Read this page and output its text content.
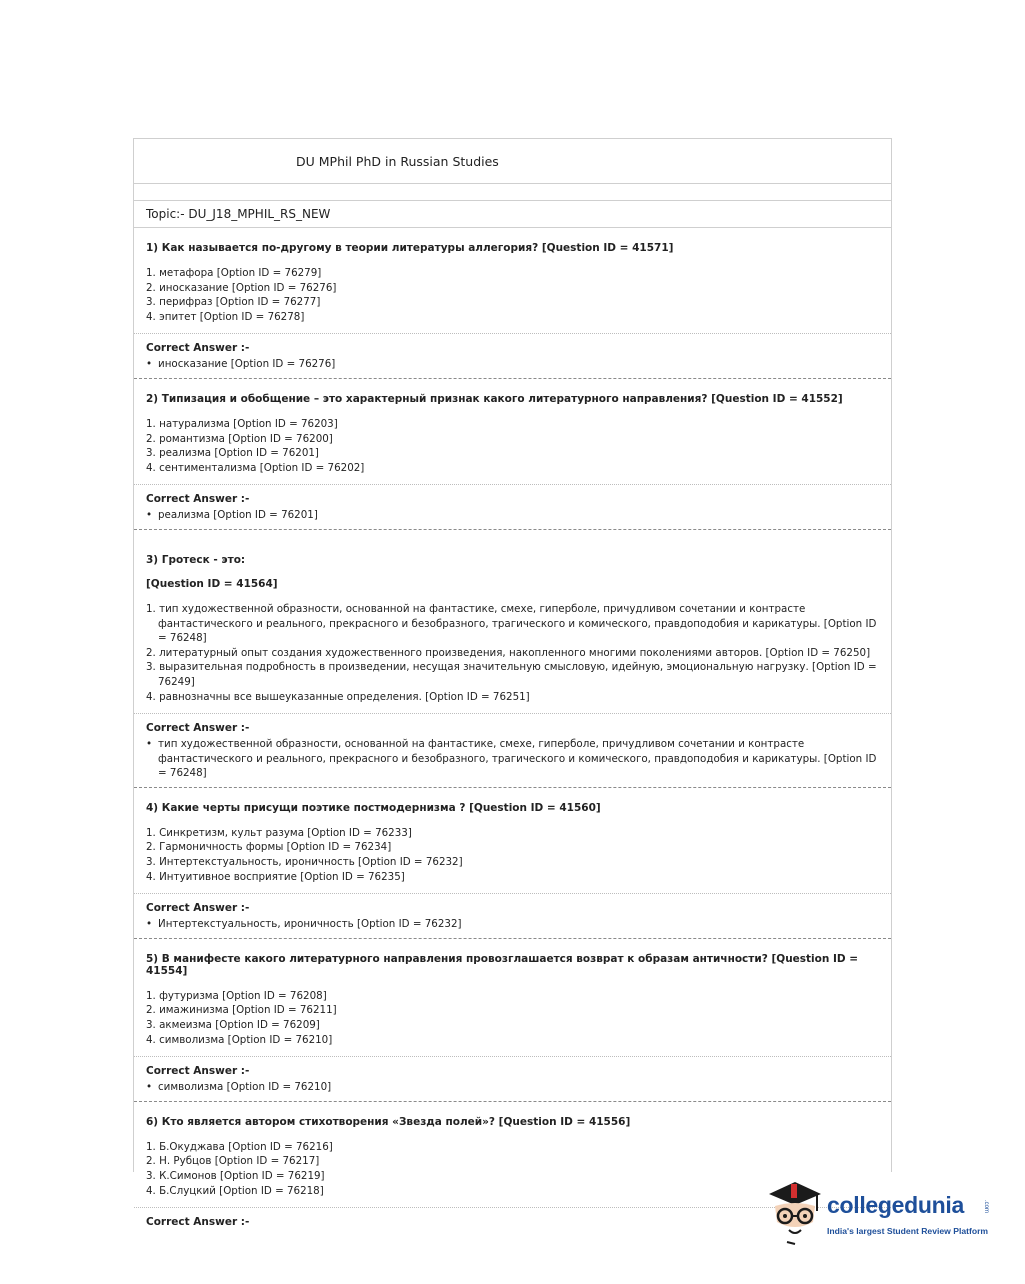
DU MPhil PhD in Russian Studies
Topic:- DU_J18_MPHIL_RS_NEW
1) Как называется по-другому в теории литературы аллегория? [Question ID = 41571]
1. метафора [Option ID = 76279]
2. иносказание [Option ID = 76276]
3. перифраз [Option ID = 76277]
4. эпитет [Option ID = 76278]
Correct Answer :-
• иносказание [Option ID = 76276]
2) Типизация и обобщение – это характерный признак какого литературного направления? [Question ID = 41552]
1. натурализма [Option ID = 76203]
2. романтизма [Option ID = 76200]
3. реализма [Option ID = 76201]
4. сентиментализма [Option ID = 76202]
Correct Answer :-
• реализма [Option ID = 76201]
3) Гротеск - это:
[Question ID = 41564]
1. тип художественной образности, основанной на фантастике, смехе, гиперболе, причудливом сочетании и контрасте фантастического и реального, прекрасного и безобразного, трагического и комического, правдоподобия и карикатуры. [Option ID = 76248]
2. литературный опыт создания художественного произведения, накопленного многими поколениями авторов. [Option ID = 76250]
3. выразительная подробность в произведении, несущая значительную смысловую, идейную, эмоциональную нагрузку. [Option ID = 76249]
4. равнозначны все вышеуказанные определения. [Option ID = 76251]
Correct Answer :-
• тип художественной образности, основанной на фантастике, смехе, гиперболе, причудливом сочетании и контрасте фантастического и реального, прекрасного и безобразного, трагического и комического, правдоподобия и карикатуры. [Option ID = 76248]
4) Какие черты присущи поэтике постмодернизма ? [Question ID = 41560]
1. Синкретизм, культ разума [Option ID = 76233]
2. Гармоничность формы [Option ID = 76234]
3. Интертекстуальность, ироничность [Option ID = 76232]
4. Интуитивное восприятие [Option ID = 76235]
Correct Answer :-
• Интертекстуальность, ироничность [Option ID = 76232]
5) В манифесте какого литературного направления провозглашается возврат к образам античности? [Question ID = 41554]
1. футуризма [Option ID = 76208]
2. имажинизма [Option ID = 76211]
3. акмеизма [Option ID = 76209]
4. символизма [Option ID = 76210]
Correct Answer :-
• символизма [Option ID = 76210]
6) Кто является автором стихотворения «Звезда полей»? [Question ID = 41556]
1. Б.Окуджава [Option ID = 76216]
2. Н. Рубцов [Option ID = 76217]
3. К.Симонов [Option ID = 76219]
4. Б.Слуцкий [Option ID = 76218]
Correct Answer :-
collegedunia	.com
India's largest Student Review Platform
